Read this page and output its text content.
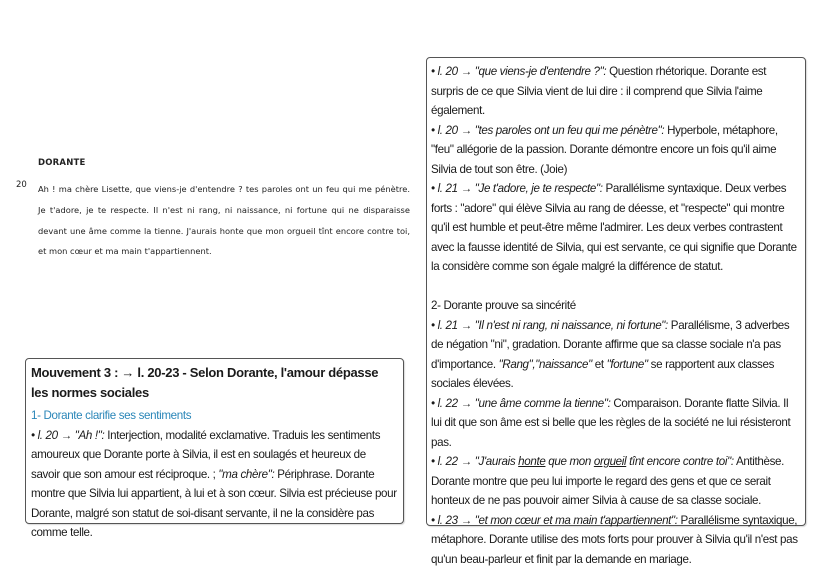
DORANTE
20 Ah ! ma chère Lisette, que viens-je d'entendre ? tes paroles ont un feu qui me pénètre. Je t'adore, je te respecte. Il n'est ni rang, ni naissance, ni fortune qui ne disparaisse devant une âme comme la tienne. J'aurais honte que mon orgueil tînt encore contre toi, et mon cœur et ma main t'appartiennent.
Mouvement 3 : → l. 20-23 - Selon Dorante, l'amour dépasse les normes sociales
1- Dorante clarifie ses sentiments
• l. 20 → "Ah !": Interjection, modalité exclamative. Traduis les sentiments amoureux que Dorante porte à Silvia, il est en soulagés et heureux de savoir que son amour est réciproque. ; "ma chère": Périphrase. Dorante montre que Silvia lui appartient, à lui et à son cœur. Silvia est précieuse pour Dorante, malgré son statut de soi-disant servante, il ne la considère pas comme telle.
• l. 20 → "que viens-je d'entendre ?": Question rhétorique. Dorante est surpris de ce que Silvia vient de lui dire : il comprend que Silvia l'aime également.
• l. 20 → "tes paroles ont un feu qui me pénètre": Hyperbole, métaphore, "feu" allégorie de la passion. Dorante démontre encore un fois qu'il aime Silvia de tout son être. (Joie)
• l. 21 → "Je t'adore, je te respecte": Parallélisme syntaxique. Deux verbes forts : "adore" qui élève Silvia au rang de déesse, et "respecte" qui montre qu'il est humble et peut-être même l'admirer. Les deux verbes contrastent avec la fausse identité de Silvia, qui est servante, ce qui signifie que Dorante la considère comme son égale malgré la différence de statut.
2- Dorante prouve sa sincérité
• l. 21 → "Il n'est ni rang, ni naissance, ni fortune": Parallélisme, 3 adverbes de négation "ni", gradation. Dorante affirme que sa classe sociale n'a pas d'importance. "Rang","naissance" et "fortune" se rapportent aux classes sociales élevées.
• l. 22 → "une âme comme la tienne": Comparaison. Dorante flatte Silvia. Il lui dit que son âme est si belle que les règles de la société ne lui résisteront pas.
• l. 22 → "J'aurais honte que mon orgueil tînt encore contre toi": Antithèse. Dorante montre que peu lui importe le regard des gens et que ce serait honteux de ne pas pouvoir aimer Silvia à cause de sa classe sociale.
• l. 23 → "et mon cœur et ma main t'appartiennent": Parallélisme syntaxique, métaphore. Dorante utilise des mots forts pour prouver à Silvia qu'il n'est pas qu'un beau-parleur et finit par la demande en mariage.
